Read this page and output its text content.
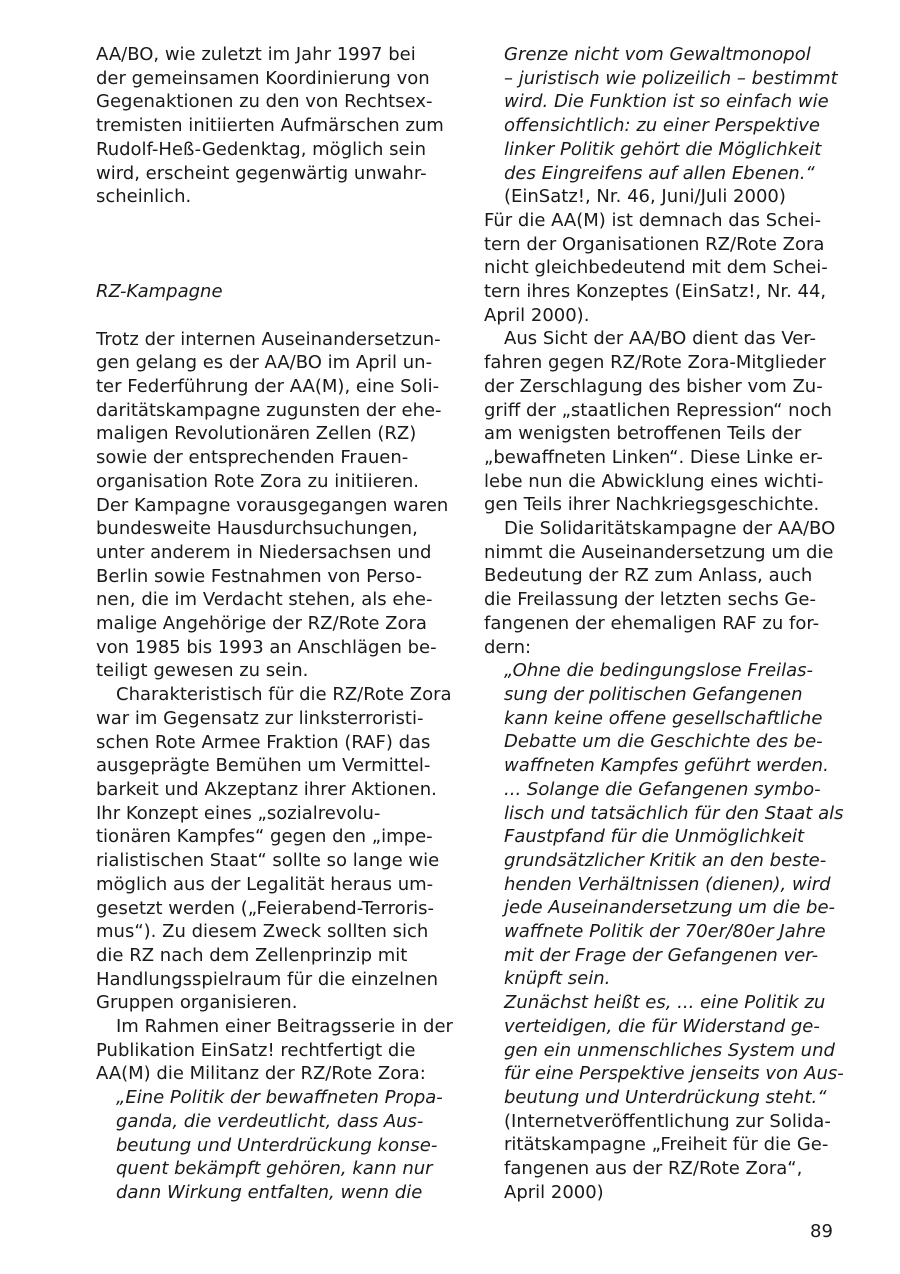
AA/BO, wie zuletzt im Jahr 1997 bei
der gemeinsamen Koordinierung von
Gegenaktionen zu den von Rechtsex-
tremisten initiierten Aufmärschen zum
Rudolf-Heß-Gedenktag, möglich sein
wird, erscheint gegenwärtig unwahr-
scheinlich.
RZ-Kampagne
Trotz der internen Auseinandersetzun-
gen gelang es der AA/BO im April un-
ter Federführung der AA(M), eine Soli-
daritätskampagne zugunsten der ehe-
maligen Revolutionären Zellen (RZ)
sowie der entsprechenden Frauen-
organisation Rote Zora zu initiieren.
Der Kampagne vorausgegangen waren
bundesweite Hausdurchsuchungen,
unter anderem in Niedersachsen und
Berlin sowie Festnahmen von Perso-
nen, die im Verdacht stehen, als ehe-
malige Angehörige der RZ/Rote Zora
von 1985 bis 1993 an Anschlägen be-
teiligt gewesen zu sein.
Charakteristisch für die RZ/Rote Zora
war im Gegensatz zur linksterroristi-
schen Rote Armee Fraktion (RAF) das
ausgeprägte Bemühen um Vermittel-
barkeit und Akzeptanz ihrer Aktionen.
Ihr Konzept eines „sozialrevolu-
tionären Kampfes“ gegen den „impe-
rialistischen Staat“ sollte so lange wie
möglich aus der Legalität heraus um-
gesetzt werden („Feierabend-Terroris-
mus“). Zu diesem Zweck sollten sich
die RZ nach dem Zellenprinzip mit
Handlungsspielraum für die einzelnen
Gruppen organisieren.
Im Rahmen einer Beitragsserie in der
Publikation EinSatz! rechtfertigt die
AA(M) die Militanz der RZ/Rote Zora:
„Eine Politik der bewaffneten Propa-
ganda, die verdeutlicht, dass Aus-
beutung und Unterdrückung konse-
quent bekämpft gehören, kann nur
dann Wirkung entfalten, wenn die
Grenze nicht vom Gewaltmonopol
– juristisch wie polizeilich – bestimmt
wird. Die Funktion ist so einfach wie
offensichtlich: zu einer Perspektive
linker Politik gehört die Möglichkeit
des Eingreifens auf allen Ebenen.“
(EinSatz!, Nr. 46, Juni/Juli 2000)
Für die AA(M) ist demnach das Schei-
tern der Organisationen RZ/Rote Zora
nicht gleichbedeutend mit dem Schei-
tern ihres Konzeptes (EinSatz!, Nr. 44,
April 2000).
Aus Sicht der AA/BO dient das Ver-
fahren gegen RZ/Rote Zora-Mitglieder
der Zerschlagung des bisher vom Zu-
griff der „staatlichen Repression“ noch
am wenigsten betroffenen Teils der
„bewaffneten Linken“. Diese Linke er-
lebe nun die Abwicklung eines wichti-
gen Teils ihrer Nachkriegsgeschichte.
Die Solidaritätskampagne der AA/BO
nimmt die Auseinandersetzung um die
Bedeutung der RZ zum Anlass, auch
die Freilassung der letzten sechs Ge-
fangenen der ehemaligen RAF zu for-
dern:
„Ohne die bedingungslose Freilas-
sung der politischen Gefangenen
kann keine offene gesellschaftliche
Debatte um die Geschichte des be-
waffneten Kampfes geführt werden.
... Solange die Gefangenen symbo-
lisch und tatsächlich für den Staat als
Faustpfand für die Unmöglichkeit
grundsätzlicher Kritik an den beste-
henden Verhältnissen (dienen), wird
jede Auseinandersetzung um die be-
waffnete Politik der 70er/80er Jahre
mit der Frage der Gefangenen ver-
knüpft sein.
Zunächst heißt es, ... eine Politik zu
verteidigen, die für Widerstand ge-
gen ein unmenschliches System und
für eine Perspektive jenseits von Aus-
beutung und Unterdrückung steht.“
(Internetveröffentlichung zur Solida-
ritätskampagne „Freiheit für die Ge-
fangenen aus der RZ/Rote Zora“,
April 2000)
89
